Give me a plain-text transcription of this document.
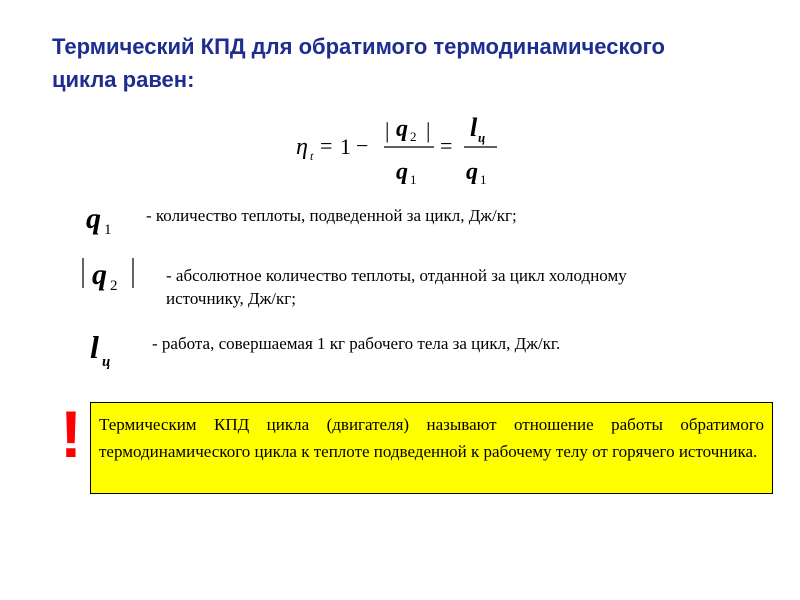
Термический КПД для обратимого термодинамического
цикла равен:
η t = 1 −
| q 2 |
q 1
=
l ц
q 1
q 1
- количество теплоты, подведенной за цикл, Дж/кг;
q 2
- абсолютное количество теплоты, отданной за цикл холодному
источнику, Дж/кг;
l ц
- работа, совершаемая 1 кг рабочего тела за цикл, Дж/кг.
!	Термическим КПД цикла (двигателя) называют отношение работы обратимого термодинамического цикла к теплоте подведенной к рабочему телу от горячего источника.
